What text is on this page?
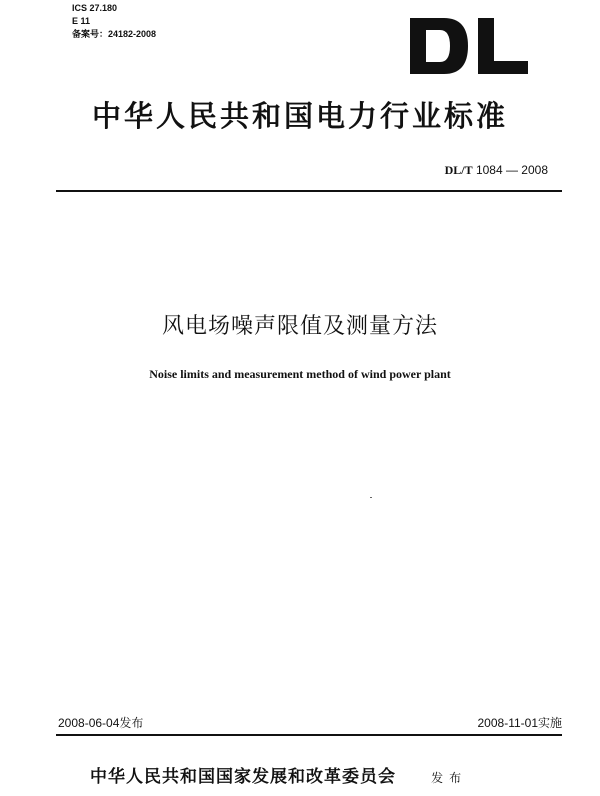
ICS 27.180
E 11
备案号：24182-2008
中华人民共和国电力行业标准
DL/T 1084 — 2008
风电场噪声限值及测量方法
Noise limits and measurement method of wind power plant
2008-06-04发布	2008-11-01实施
中华人民共和国国家发展和改革委员会	发布
